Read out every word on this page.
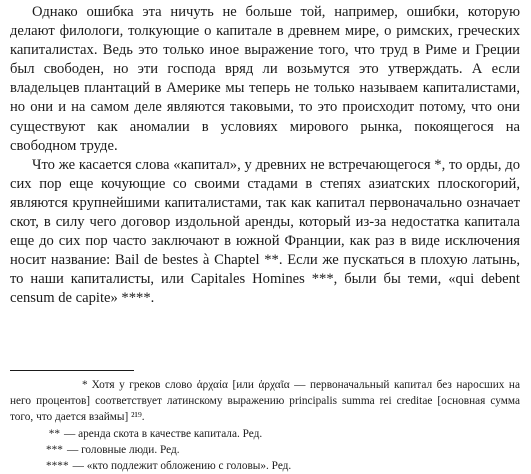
Однако ошибка эта ничуть не больше той, например, ошибки, которую делают филологи, толкующие о капитале в древнем мире, о римских, греческих капиталистах. Ведь это только иное выражение того, что труд в Риме и Греции был свободен, но эти господа вряд ли возьмутся это утверждать. А если владельцев плантаций в Америке мы теперь не только называем капиталистами, но они и на самом деле являются таковыми, то это происходит потому, что они существуют как аномалии в условиях мирового рынка, покоящегося на свободном труде.

Что же касается слова «капитал», у древних не встречающегося *, то орды, до сих пор еще кочующие со своими стадами в степях азиатских плоскогорий, являются крупнейшими капиталистами, так как капитал первоначально означает скот, в силу чего договор издольной аренды, который из-за недостатка капитала еще до сих пор часто заключают в южной Франции, как раз в виде исключения носит название: Bail de bestes à Chaptel **. Если же пускаться в плохую латынь, то наши капиталисты, или Capitales Homines ***, были бы теми, «qui debent censum de capite» ****.

* Хотя у греков слово ἀρχαία [или ἀρχαῖα — первоначальный капитал без наросших на него процентов] соответствует латинскому выражению principalis summa rei creditae [основная сумма того, что дается взаймы] ²¹⁹.

** — аренда скота в качестве капитала. Ред.

*** — головные люди. Ред.

**** — «кто подлежит обложению с головы». Ред.
